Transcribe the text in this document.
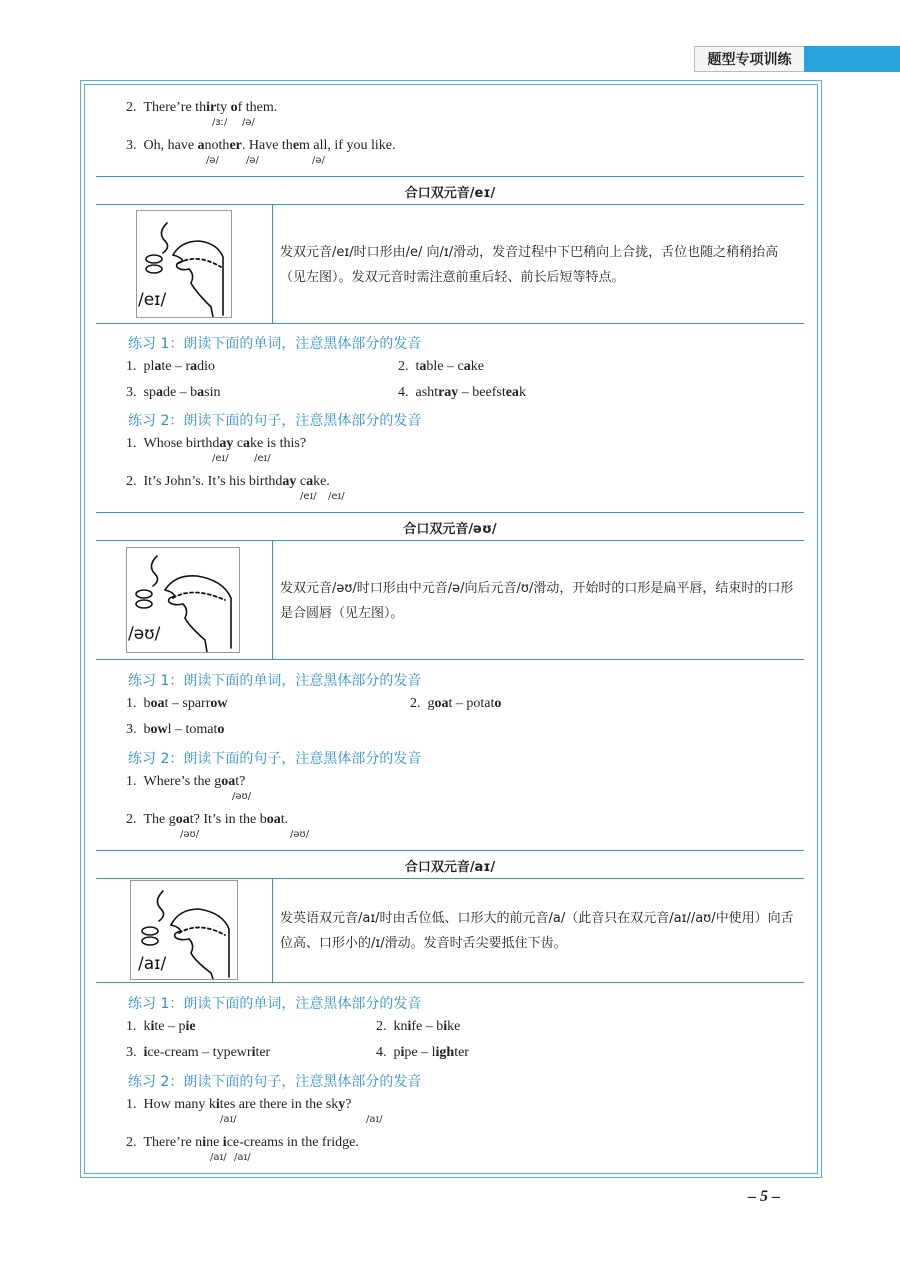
题型专项训练
2. There’re thirty of them.
/ɜː/ /ə/
3. Oh, have another. Have them all, if you like.
/ə/	/ə/	/ə/
合口双元音/eɪ/
/eɪ/
发双元音/eɪ/时口形由/e/ 向/ɪ/滑动，发音过程中下巴稍向上合拢，舌位也随之稍稍抬高（见左图）。发双元音时需注意前重后轻、前长后短等特点。
练习 1：朗读下面的单词，注意黑体部分的发音
1. plate – radio	2. table – cake
3. spade – basin	4. ashtray – beefsteak
练习 2：朗读下面的句子，注意黑体部分的发音
1. Whose birthday cake is this?
/eɪ/	/eɪ/
2. It’s John’s. It’s his birthday cake.
/eɪ/ /eɪ/
合口双元音/əʊ/
/əʊ/
发双元音/əʊ/时口形由中元音/ə/向后元音/ʊ/滑动，开始时的口形是扁平唇，结束时的口形是合圆唇（见左图）。
练习 1：朗读下面的单词，注意黑体部分的发音
1. boat – sparrow	2. goat – potato
3. bowl – tomato
练习 2：朗读下面的句子，注意黑体部分的发音
1. Where’s the goat?
/əʊ/
2. The goat? It’s in the boat.
/əʊ/	/əʊ/
合口双元音/aɪ/
/aɪ/
发英语双元音/aɪ/时由舌位低、口形大的前元音/a/（此音只在双元音/aɪ//aʊ/中使用）向舌位高、口形小的/ɪ/滑动。发音时舌尖要抵住下齿。
练习 1：朗读下面的单词，注意黑体部分的发音
1. kite – pie	2. knife – bike
3. ice-cream – typewriter	4. pipe – lighter
练习 2：朗读下面的句子，注意黑体部分的发音
1. How many kites are there in the sky?
/aɪ/	/aɪ/
2. There’re nine ice-creams in the fridge.
/aɪ/ /aɪ/
– 5 –
